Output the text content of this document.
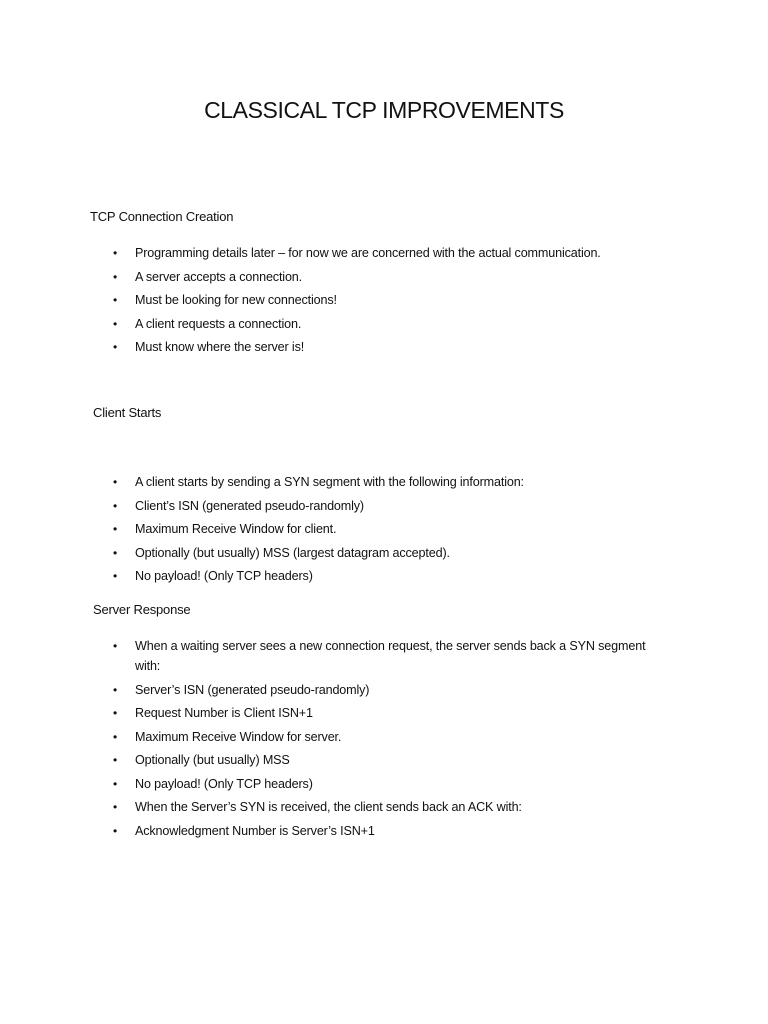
CLASSICAL TCP IMPROVEMENTS
TCP Connection Creation
• Programming details later – for now we are concerned with the actual communication.
• A server accepts a connection.
• Must be looking for new connections!
• A client requests a connection.
• Must know where the server is!
Client Starts
• A client starts by sending a SYN segment with the following information:
• Client’s ISN (generated pseudo-randomly)
• Maximum Receive Window for client.
• Optionally (but usually) MSS (largest datagram accepted).
• No payload! (Only TCP headers)
Server Response
• When a waiting server sees a new connection request, the server sends back a SYN segment with:
• Server’s ISN (generated pseudo-randomly)
• Request Number is Client ISN+1
• Maximum Receive Window for server.
• Optionally (but usually) MSS
• No payload! (Only TCP headers)
• When the Server’s SYN is received, the client sends back an ACK with:
• Acknowledgment Number is Server’s ISN+1
